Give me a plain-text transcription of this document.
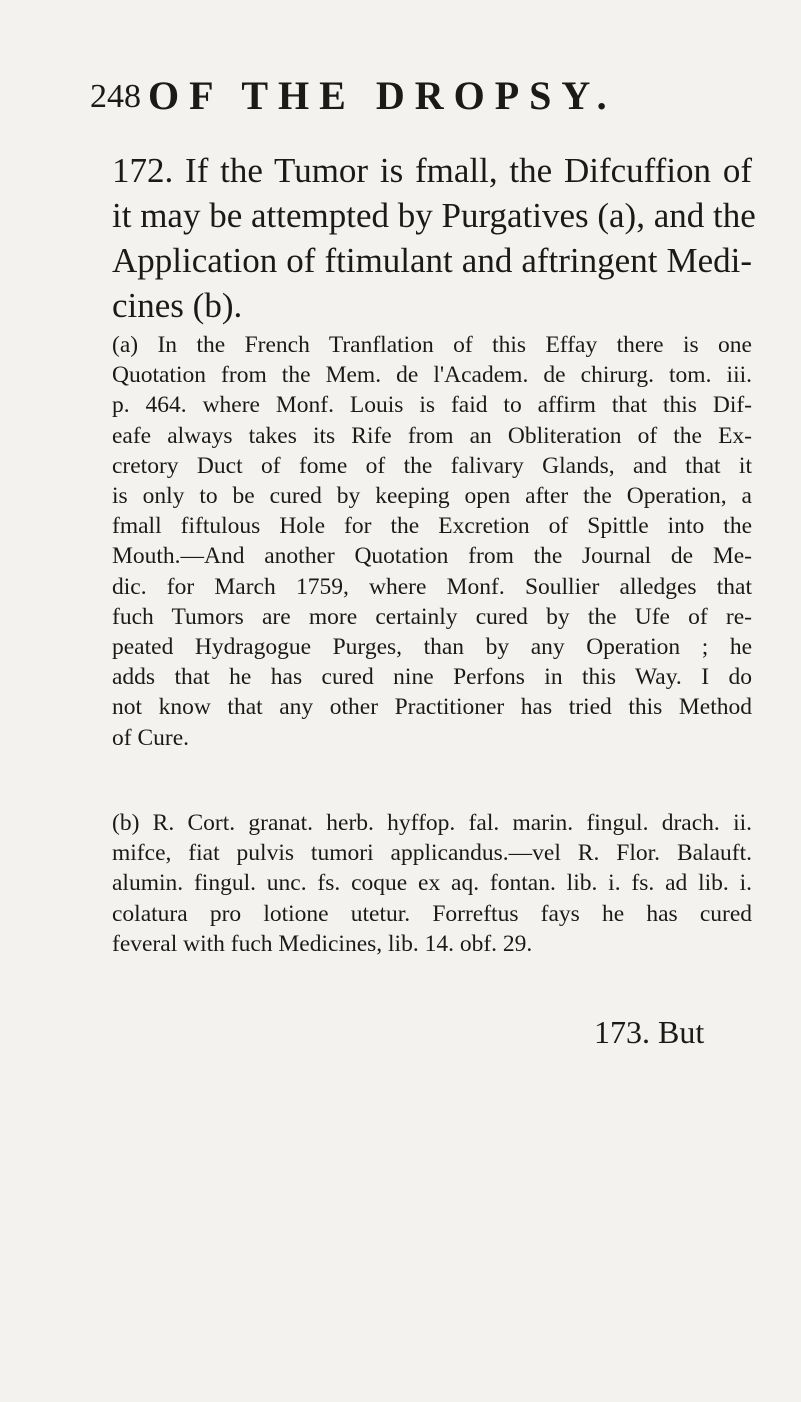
248 OF THE DROPSY.
172. If the Tumor is fmall, the Difcuffion of
it may be attempted by Purgatives (a), and the
Application of ftimulant and aftringent Medi-
cines (b).
(a) In the French Tranflation of this Effay there is one
Quotation from the Mem. de l'Academ. de chirurg. tom. iii.
p. 464. where Monf. Louis is faid to affirm that this Dif-
eafe always takes its Rife from an Obliteration of the Ex-
cretory Duct of fome of the falivary Glands, and that it
is only to be cured by keeping open after the Operation, a
fmall fiftulous Hole for the Excretion of Spittle into the
Mouth.—And another Quotation from the Journal de Me-
dic. for March 1759, where Monf. Soullier alledges that
fuch Tumors are more certainly cured by the Ufe of re-
peated Hydragogue Purges, than by any Operation ; he
adds that he has cured nine Perfons in this Way. I do
not know that any other Practitioner has tried this Method
of Cure.
(b) R. Cort. granat. herb. hyffop. fal. marin. fingul. drach. ii.
mifce, fiat pulvis tumori applicandus.—vel R. Flor. Balauft.
alumin. fingul. unc. fs. coque ex aq. fontan. lib. i. fs. ad lib. i.
colatura pro lotione utetur. Forreftus fays he has cured
feveral with fuch Medicines, lib. 14. obf. 29.
173. But
